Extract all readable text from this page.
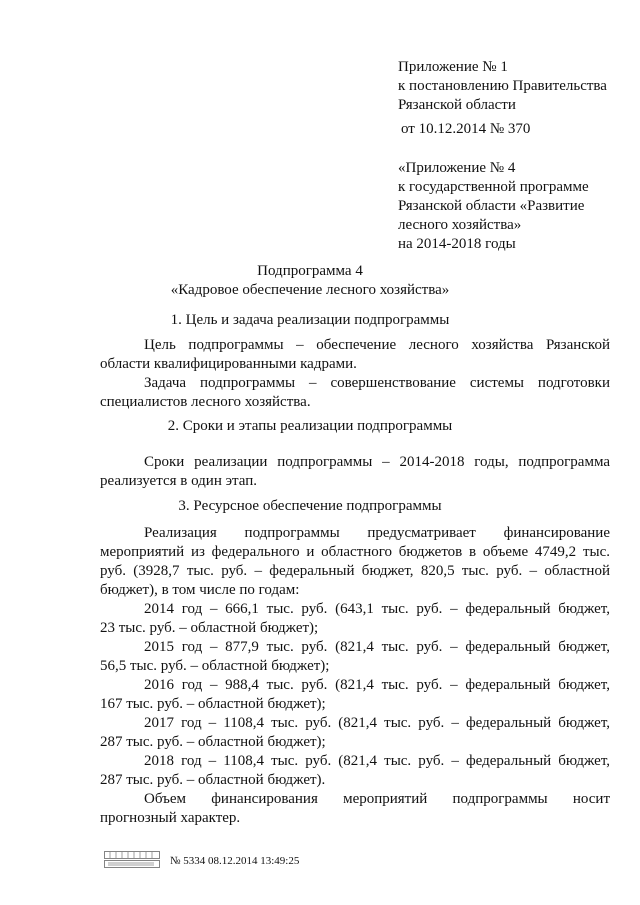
Приложение № 1
к постановлению Правительства
Рязанской области
от 10.12.2014 № 370
«Приложение № 4
к государственной программе
Рязанской области «Развитие
лесного хозяйства»
на 2014-2018 годы
Подпрограмма 4
«Кадровое обеспечение лесного хозяйства»
1. Цель и задача реализации подпрограммы
Цель подпрограммы – обеспечение лесного хозяйства Рязанской
области квалифицированными кадрами.
Задача подпрограммы – совершенствование системы подготовки
специалистов лесного хозяйства.
2. Сроки и этапы реализации подпрограммы
Сроки реализации подпрограммы – 2014-2018 годы, подпрограмма
реализуется в один этап.
3. Ресурсное обеспечение подпрограммы
Реализация подпрограммы предусматривает финансирование
мероприятий из федерального и областного бюджетов в объеме 4749,2 тыс.
руб. (3928,7 тыс. руб. – федеральный бюджет, 820,5 тыс. руб. – областной
бюджет), в том числе по годам:
2014 год – 666,1 тыс. руб. (643,1 тыс. руб. – федеральный бюджет,
23 тыс. руб. – областной бюджет);
2015 год – 877,9 тыс. руб. (821,4 тыс. руб. – федеральный бюджет,
56,5 тыс. руб. – областной бюджет);
2016 год – 988,4 тыс. руб. (821,4 тыс. руб. – федеральный бюджет,
167 тыс. руб. – областной бюджет);
2017 год – 1108,4 тыс. руб. (821,4 тыс. руб. – федеральный бюджет,
287 тыс. руб. – областной бюджет);
2018 год – 1108,4 тыс. руб. (821,4 тыс. руб. – федеральный бюджет,
287 тыс. руб. – областной бюджет).
Объем финансирования мероприятий подпрограммы носит
прогнозный характер.
№ 5334 08.12.2014 13:49:25
